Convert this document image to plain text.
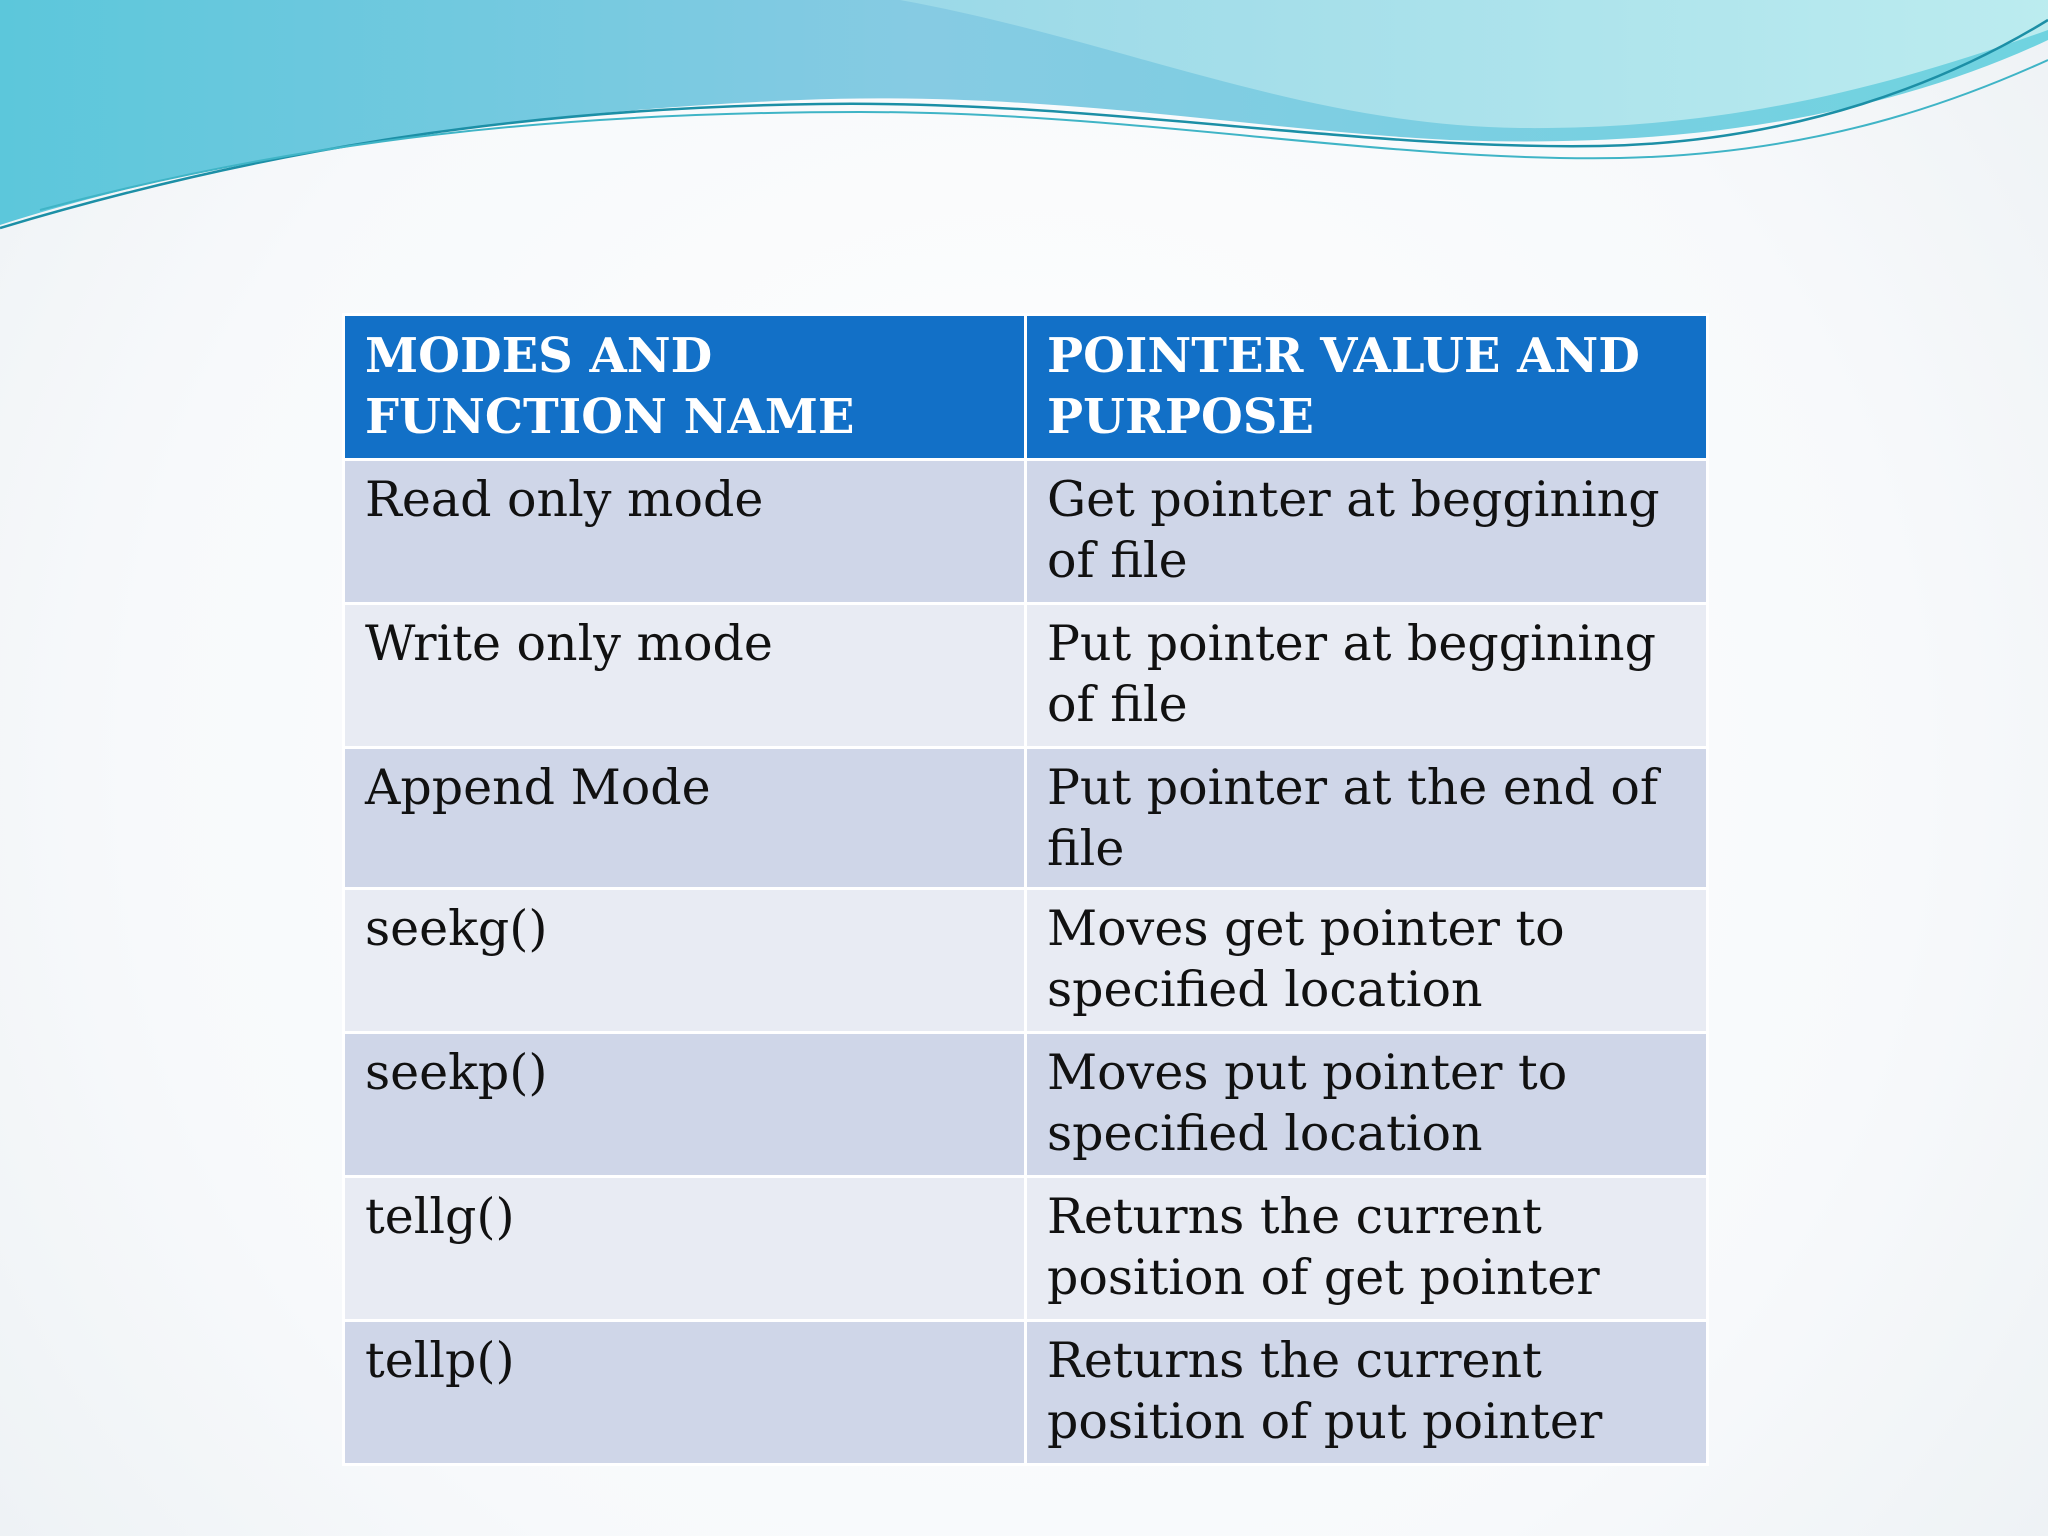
MODES AND FUNCTION NAME	POINTER VALUE AND PURPOSE
Read only mode	Get pointer at beggining of file
Write only mode	Put pointer at beggining of file
Append Mode	Put pointer at the end of file
seekg()	Moves get pointer to specified location
seekp()	Moves put pointer to specified location
tellg()	Returns the current position of get pointer
tellp()	Returns the current position of put pointer
